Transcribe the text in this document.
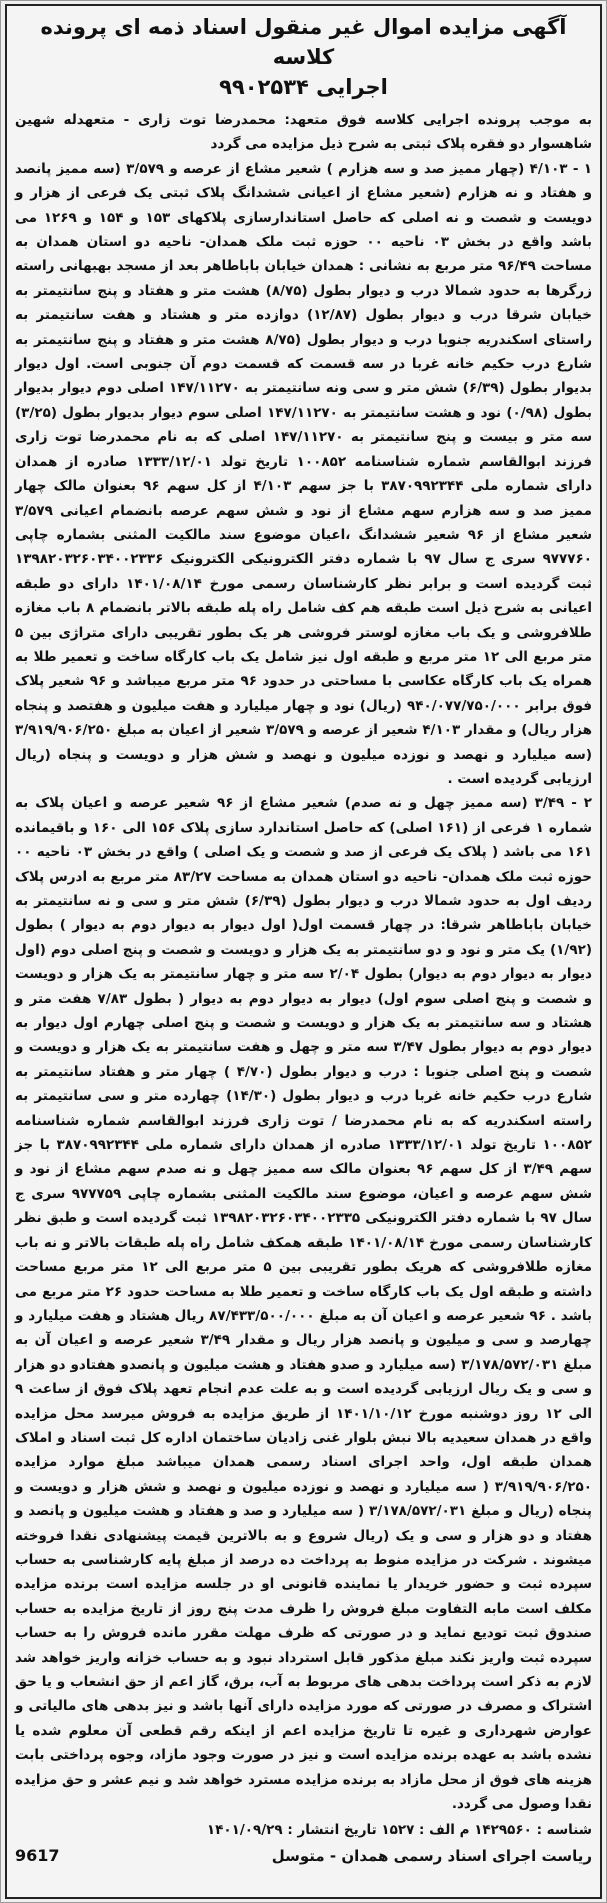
آگهی مزایده اموال غیر منقول اسناد ذمه ای پرونده کلاسه
اجرایی ۹۹۰۲۵۳۴

به موجب پرونده اجرایی کلاسه فوق متعهد: محمدرضا توت زاری - متعهدله شهین شاهسوار دو فقره پلاک ثبتی به شرح ذیل مزایده می گردد

۱ - ۴/۱۰۳ (چهار ممیز صد و سه هزارم ) شعیر مشاع از عرصه و ۳/۵۷۹ (سه ممیز پانصد و هفتاد و نه هزارم (شعیر مشاع از اعیانی ششدانگ پلاک ثبتی یک فرعی از هزار و دویست و شصت و نه اصلی که حاصل استاندارسازی پلاکهای ۱۵۳ و ۱۵۴ و ۱۲۶۹ می باشد واقع در بخش ۰۳ ناحیه ۰۰ حوزه ثبت ملک همدان- ناحیه دو استان همدان به مساحت ۹۶/۴۹ متر مربع به نشانی : همدان خیابان باباطاهر بعد از مسجد بهبهانی راسته زرگرها به حدود شمالا درب و دیوار بطول (۸/۷۵) هشت متر و هفتاد و پنج سانتیمتر به خیابان شرقا درب و دیوار بطول (۱۲/۸۷) دوازده متر و هشتاد و هفت سانتیمتر به راستای اسکندریه جنوبا درب و دیوار بطول (۸/۷۵ هشت متر و هفتاد و پنج سانتیمتر به شارع درب حکیم خانه غربا در سه قسمت که قسمت دوم آن جنوبی است. اول دیوار بدیوار بطول (۶/۳۹) شش متر و سی ونه سانتیمتر به ۱۴۷/۱۱۲۷۰ اصلی دوم دیوار بدیوار بطول (۰/۹۸) نود و هشت سانتیمتر به ۱۴۷/۱۱۲۷۰ اصلی سوم دیوار بدیوار بطول (۳/۲۵) سه متر و بیست و پنج سانتیمتر به ۱۴۷/۱۱۲۷۰ اصلی که به نام محمدرضا توت زاری فرزند ابوالقاسم شماره شناسنامه ۱۰۰۸۵۲ تاریخ تولد ۱۳۳۳/۱۲/۰۱ صادره از همدان دارای شماره ملی ۳۸۷۰۹۹۲۳۴۴ با جز سهم ۴/۱۰۳ از کل سهم ۹۶ بعنوان مالک چهار ممیز صد و سه هزارم سهم مشاع از نود و شش سهم عرصه بانضمام اعیانی ۳/۵۷۹ شعیر مشاع از ۹۶ شعیر ششدانگ ،اعیان موضوع سند مالکیت المثنی بشماره چاپی ۹۷۷۷۶۰ سری ج سال ۹۷ با شماره دفتر الکترونیکی الکترونیک ۱۳۹۸۲۰۳۲۶۰۳۴۰۰۲۳۳۶ ثبت گردیده است و برابر نظر کارشناسان رسمی مورخ ۱۴۰۱/۰۸/۱۴ دارای دو طبقه اعیانی به شرح ذیل است طبقه هم کف شامل راه پله طبقه بالاتر بانضمام ۸ باب مغازه طلافروشی و یک باب مغازه لوستر فروشی هر یک بطور تقریبی دارای متراژی بین ۵ متر مربع الی ۱۲ متر مربع و طبقه اول نیز شامل یک باب کارگاه ساخت و تعمیر طلا به همراه یک باب کارگاه عکاسی با مساحتی در حدود ۹۶ متر مربع میباشد و ۹۶ شعیر پلاک فوق برابر ۹۴۰/۰۷۷/۷۵۰/۰۰۰ (ریال) نود و چهار میلیارد و هفت میلیون و هفتصد و پنجاه هزار ریال) و مقدار ۴/۱۰۳ شعیر از عرصه و ۳/۵۷۹ شعیر از اعیان به مبلغ ۳/۹۱۹/۹۰۶/۲۵۰ (سه میلیارد و نهصد و نوزده میلیون و نهصد و شش هزار و دویست و پنجاه (ریال ارزیابی گردیده است .

۲ - ۳/۴۹ (سه ممیز چهل و نه صدم) شعیر مشاع از ۹۶ شعیر عرصه و اعیان پلاک به شماره ۱ فرعی از (۱۶۱ اصلی) که حاصل استاندارد سازی پلاک ۱۵۶ الی ۱۶۰ و باقیمانده ۱۶۱ می باشد ( پلاک یک فرعی از صد و شصت و یک اصلی ) واقع در بخش ۰۳ ناحیه ۰۰ حوزه ثبت ملک همدان- ناحیه دو استان همدان به مساحت ۸۳/۲۷ متر مربع به ادرس پلاک ردیف اول به حدود شمالا درب و دیوار بطول (۶/۳۹) شش متر و سی و نه سانتیمتر به خیابان باباطاهر شرقا: در چهار قسمت اول( اول دیوار به دیوار دوم به دیوار ) بطول (۱/۹۲) یک متر و نود و دو سانتیمتر به یک هزار و دویست و شصت و پنج اصلی دوم (اول دیوار به دیوار دوم به دیوار) بطول ۲/۰۴ سه متر و چهار سانتیمتر به یک هزار و دویست و شصت و پنج اصلی سوم اول) دیوار به دیوار دوم به دیوار ( بطول ۷/۸۳ هفت متر و هشتاد و سه سانتیمتر به یک هزار و دویست و شصت و پنج اصلی چهارم اول دیوار به دیوار دوم به دیوار بطول ۳/۴۷ سه متر و چهل و هفت سانتیمتر به یک هزار و دویست و شصت و پنج اصلی جنوبا : درب و دیوار بطول (۴/۷۰ ) چهار متر و هفتاد سانتیمتر به شارع درب حکیم خانه غربا درب و دیوار بطول (۱۴/۳۰) چهارده متر و سی سانتیمتر به راسته اسکندریه که به نام محمدرضا / توت زاری فرزند ابوالقاسم شماره شناسنامه ۱۰۰۸۵۲ تاریخ تولد ۱۳۳۳/۱۲/۰۱ صادره از همدان دارای شماره ملی ۳۸۷۰۹۹۲۳۴۴ با جز سهم ۳/۴۹ از کل سهم ۹۶ بعنوان مالک سه ممیز چهل و نه صدم سهم مشاع از نود و شش سهم عرصه و اعیان، موضوع سند مالکیت المثنی بشماره چاپی ۹۷۷۷۵۹ سری ج سال ۹۷ با شماره دفتر الکترونیکی ۱۳۹۸۲۰۳۲۶۰۳۴۰۰۲۳۳۵ ثبت گردیده است و طبق نظر کارشناسان رسمی مورخ ۱۴۰۱/۰۸/۱۴ طبقه همکف شامل راه پله طبقات بالاتر و نه باب مغازه طلافروشی که هریک بطور تقریبی بین ۵ متر مربع الی ۱۲ متر مربع مساحت داشته و طبقه اول یک باب کارگاه ساخت و تعمیر طلا به مساحت حدود ۲۶ متر مربع می باشد . ۹۶ شعیر عرصه و اعیان آن به مبلغ ۸۷/۴۳۳/۵۰۰/۰۰۰ ریال هشتاد و هفت میلیارد و چهارصد و سی و میلیون و پانصد هزار ریال و مقدار ۳/۴۹ شعیر عرصه و اعیان آن به مبلغ ۳/۱۷۸/۵۷۲/۰۳۱ (سه میلیارد و صدو هفتاد و هشت میلیون و پانصدو هفتادو دو هزار و سی و یک ریال ارزیابی گردیده است و به علت عدم انجام تعهد پلاک فوق از ساعت ۹ الی ۱۲ روز دوشنبه مورخ ۱۴۰۱/۱۰/۱۲ از طریق مزایده به فروش میرسد محل مزایده واقع در همدان سعیدیه بالا نبش بلوار غنی زادیان ساختمان اداره کل ثبت اسناد و املاک همدان طبقه اول، واحد اجرای اسناد رسمی همدان میباشد مبلغ موارد مزایده ۳/۹۱۹/۹۰۶/۲۵۰ ( سه میلیارد و نهصد و نوزده میلیون و نهصد و شش هزار و دویست و پنجاه (ریال و مبلغ ۳/۱۷۸/۵۷۲/۰۳۱ ( سه میلیارد و صد و هفتاد و هشت میلیون و پانصد و هفتاد و دو هزار و سی و یک (ریال شروع و به بالاترین قیمت پیشنهادی نقدا فروخته میشوند . شرکت در مزایده منوط به پرداخت ده درصد از مبلغ پایه کارشناسی به حساب سپرده ثبت و حضور خریدار یا نماینده قانونی او در جلسه مزایده است برنده مزایده مکلف است مابه التفاوت مبلغ فروش را ظرف مدت پنج روز از تاریخ مزایده به حساب صندوق ثبت تودیع نماید و در صورتی که ظرف مهلت مقرر مانده فروش را به حساب سپرده ثبت واریز نکند مبلغ مذکور قابل استرداد نبود و به حساب خزانه واریز خواهد شد لازم به ذکر است پرداخت بدهی های مربوط به آب، برق، گاز اعم از حق انشعاب و یا حق اشتراک و مصرف در صورتی که مورد مزایده دارای آنها باشد و نیز بدهی های مالیاتی و عوارض شهرداری و غیره تا تاریخ مزایده اعم از اینکه رقم قطعی آن معلوم شده یا نشده باشد به عهده برنده مزایده است و نیز در صورت وجود مازاد، وجوه پرداختی بابت هزینه های فوق از محل مازاد به برنده مزایده مسترد خواهد شد و نیم عشر و حق مزایده نقدا وصول می گردد.

شناسه : ۱۴۲۹۵۶۰ م الف : ۱۵۲۷ تاریخ انتشار : ۱۴۰۱/۰۹/۲۹
ریاست اجرای اسناد رسمی همدان - متوسل
9617
